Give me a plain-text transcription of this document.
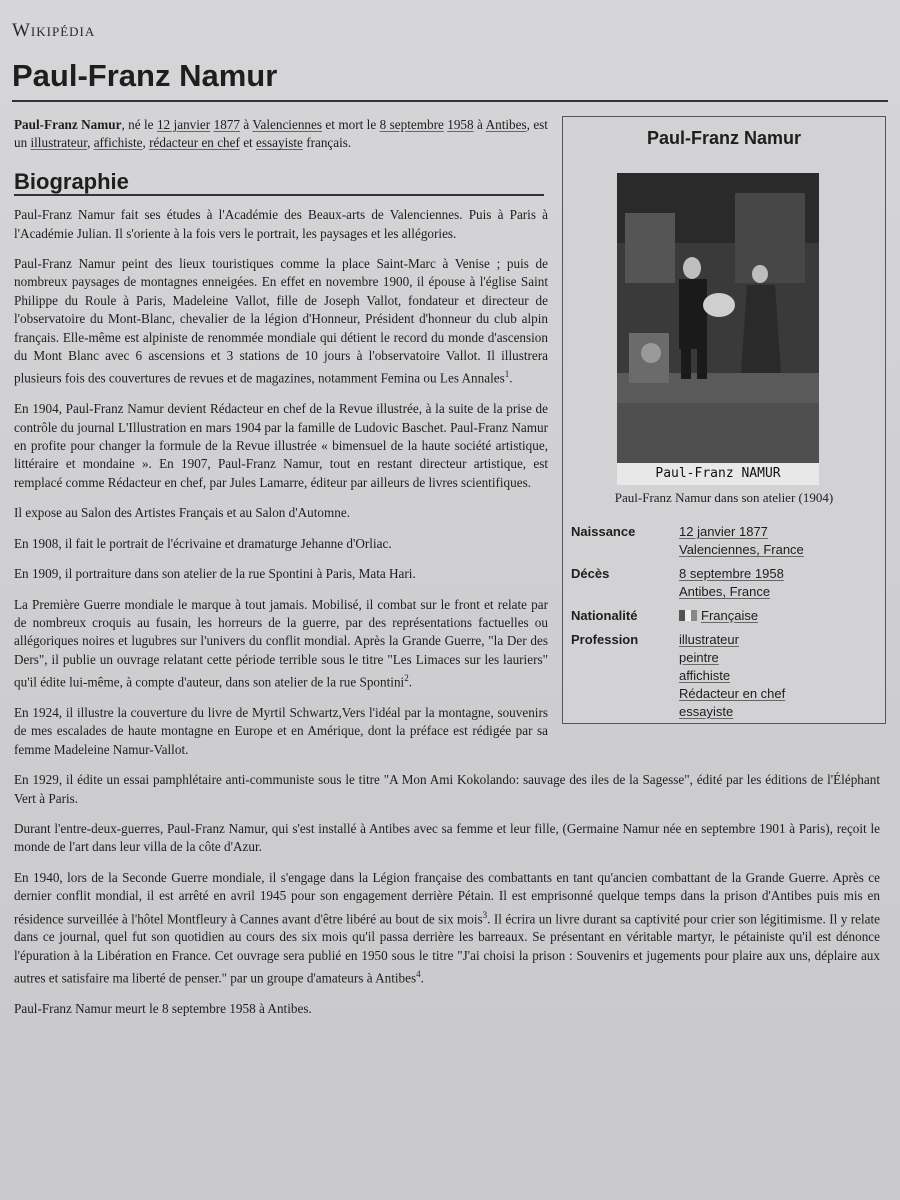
Wikipédia
Paul-Franz Namur
Paul-Franz Namur
Paul-Franz NAMUR
Paul-Franz Namur dans son atelier (1904)
Naissance	12 janvier 1877
Valenciennes, France
Décès	8 septembre 1958
Antibes, France
Nationalité	Française
Profession	illustrateur
peintre
affichiste
Rédacteur en chef
essayiste

Paul-Franz Namur, né le 12 janvier 1877 à Valenciennes et mort le 8 septembre 1958 à Antibes, est un illustrateur, affichiste, rédacteur en chef et essayiste français.

Biographie

Paul-Franz Namur fait ses études à l'Académie des Beaux-arts de Valenciennes. Puis à Paris à l'Académie Julian. Il s'oriente à la fois vers le portrait, les paysages et les allégories.

Paul-Franz Namur peint des lieux touristiques comme la place Saint-Marc à Venise ; puis de nombreux paysages de montagnes enneigées. En effet en novembre 1900, il épouse à l'église Saint Philippe du Roule à Paris, Madeleine Vallot, fille de Joseph Vallot, fondateur et directeur de l'observatoire du Mont-Blanc, chevalier de la légion d'Honneur, Président d'honneur du club alpin français. Elle-même est alpiniste de renommée mondiale qui détient le record du monde d'ascension du Mont Blanc avec 6 ascensions et 3 stations de 10 jours à l'observatoire Vallot. Il illustrera plusieurs fois des couvertures de revues et de magazines, notamment Femina ou Les Annales$^1$.

En 1904, Paul-Franz Namur devient Rédacteur en chef de la Revue illustrée, à la suite de la prise de contrôle du journal L'Illustration en mars 1904 par la famille de Ludovic Baschet. Paul-Franz Namur en profite pour changer la formule de la Revue illustrée « bimensuel de la haute société artistique, littéraire et mondaine ». En 1907, Paul-Franz Namur, tout en restant directeur artistique, est remplacé comme Rédacteur en chef, par Jules Lamarre, éditeur par ailleurs de livres scientifiques.

Il expose au Salon des Artistes Français et au Salon d'Automne.

En 1908, il fait le portrait de l'écrivaine et dramaturge Jehanne d'Orliac.

En 1909, il portraiture dans son atelier de la rue Spontini à Paris, Mata Hari.

La Première Guerre mondiale le marque à tout jamais. Mobilisé, il combat sur le front et relate par de nombreux croquis au fusain, les horreurs de la guerre, par des représentations factuelles ou allégoriques noires et lugubres sur l'univers du conflit mondial. Après la Grande Guerre, "la Der des Ders", il publie un ouvrage relatant cette période terrible sous le titre "Les Limaces sur les lauriers" qu'il édite lui-même, à compte d'auteur, dans son atelier de la rue Spontini$^2$.

En 1924, il illustre la couverture du livre de Myrtil Schwartz,Vers l'idéal par la montagne, souvenirs de mes escalades de haute montagne en Europe et en Amérique, dont la préface est rédigée par sa femme Madeleine Namur-Vallot.

En 1929, il édite un essai pamphlétaire anti-communiste sous le titre "A Mon Ami Kokolando: sauvage des iles de la Sagesse", édité par les éditions de l'Éléphant Vert à Paris.

Durant l'entre-deux-guerres, Paul-Franz Namur, qui s'est installé à Antibes avec sa femme et leur fille, (Germaine Namur née en septembre 1901 à Paris), reçoit le monde de l'art dans leur villa de la côte d'Azur.

En 1940, lors de la Seconde Guerre mondiale, il s'engage dans la Légion française des combattants en tant qu'ancien combattant de la Grande Guerre. Après ce dernier conflit mondial, il est arrêté en avril 1945 pour son engagement derrière Pétain. Il est emprisonné quelque temps dans la prison d'Antibes puis mis en résidence surveillée à l'hôtel Montfleury à Cannes avant d'être libéré au bout de six mois$^3$. Il écrira un livre durant sa captivité pour crier son légitimisme. Il y relate dans ce journal, quel fut son quotidien au cours des six mois qu'il passa derrière les barreaux. Se présentant en véritable martyr, le pétainiste qu'il est dénonce l'épuration à la Libération en France. Cet ouvrage sera publié en 1950 sous le titre "J'ai choisi la prison : Souvenirs et jugements pour plaire aux uns, déplaire aux autres et satisfaire ma liberté de penser." par un groupe d'amateurs à Antibes$^4$.

Paul-Franz Namur meurt le 8 septembre 1958 à Antibes.
